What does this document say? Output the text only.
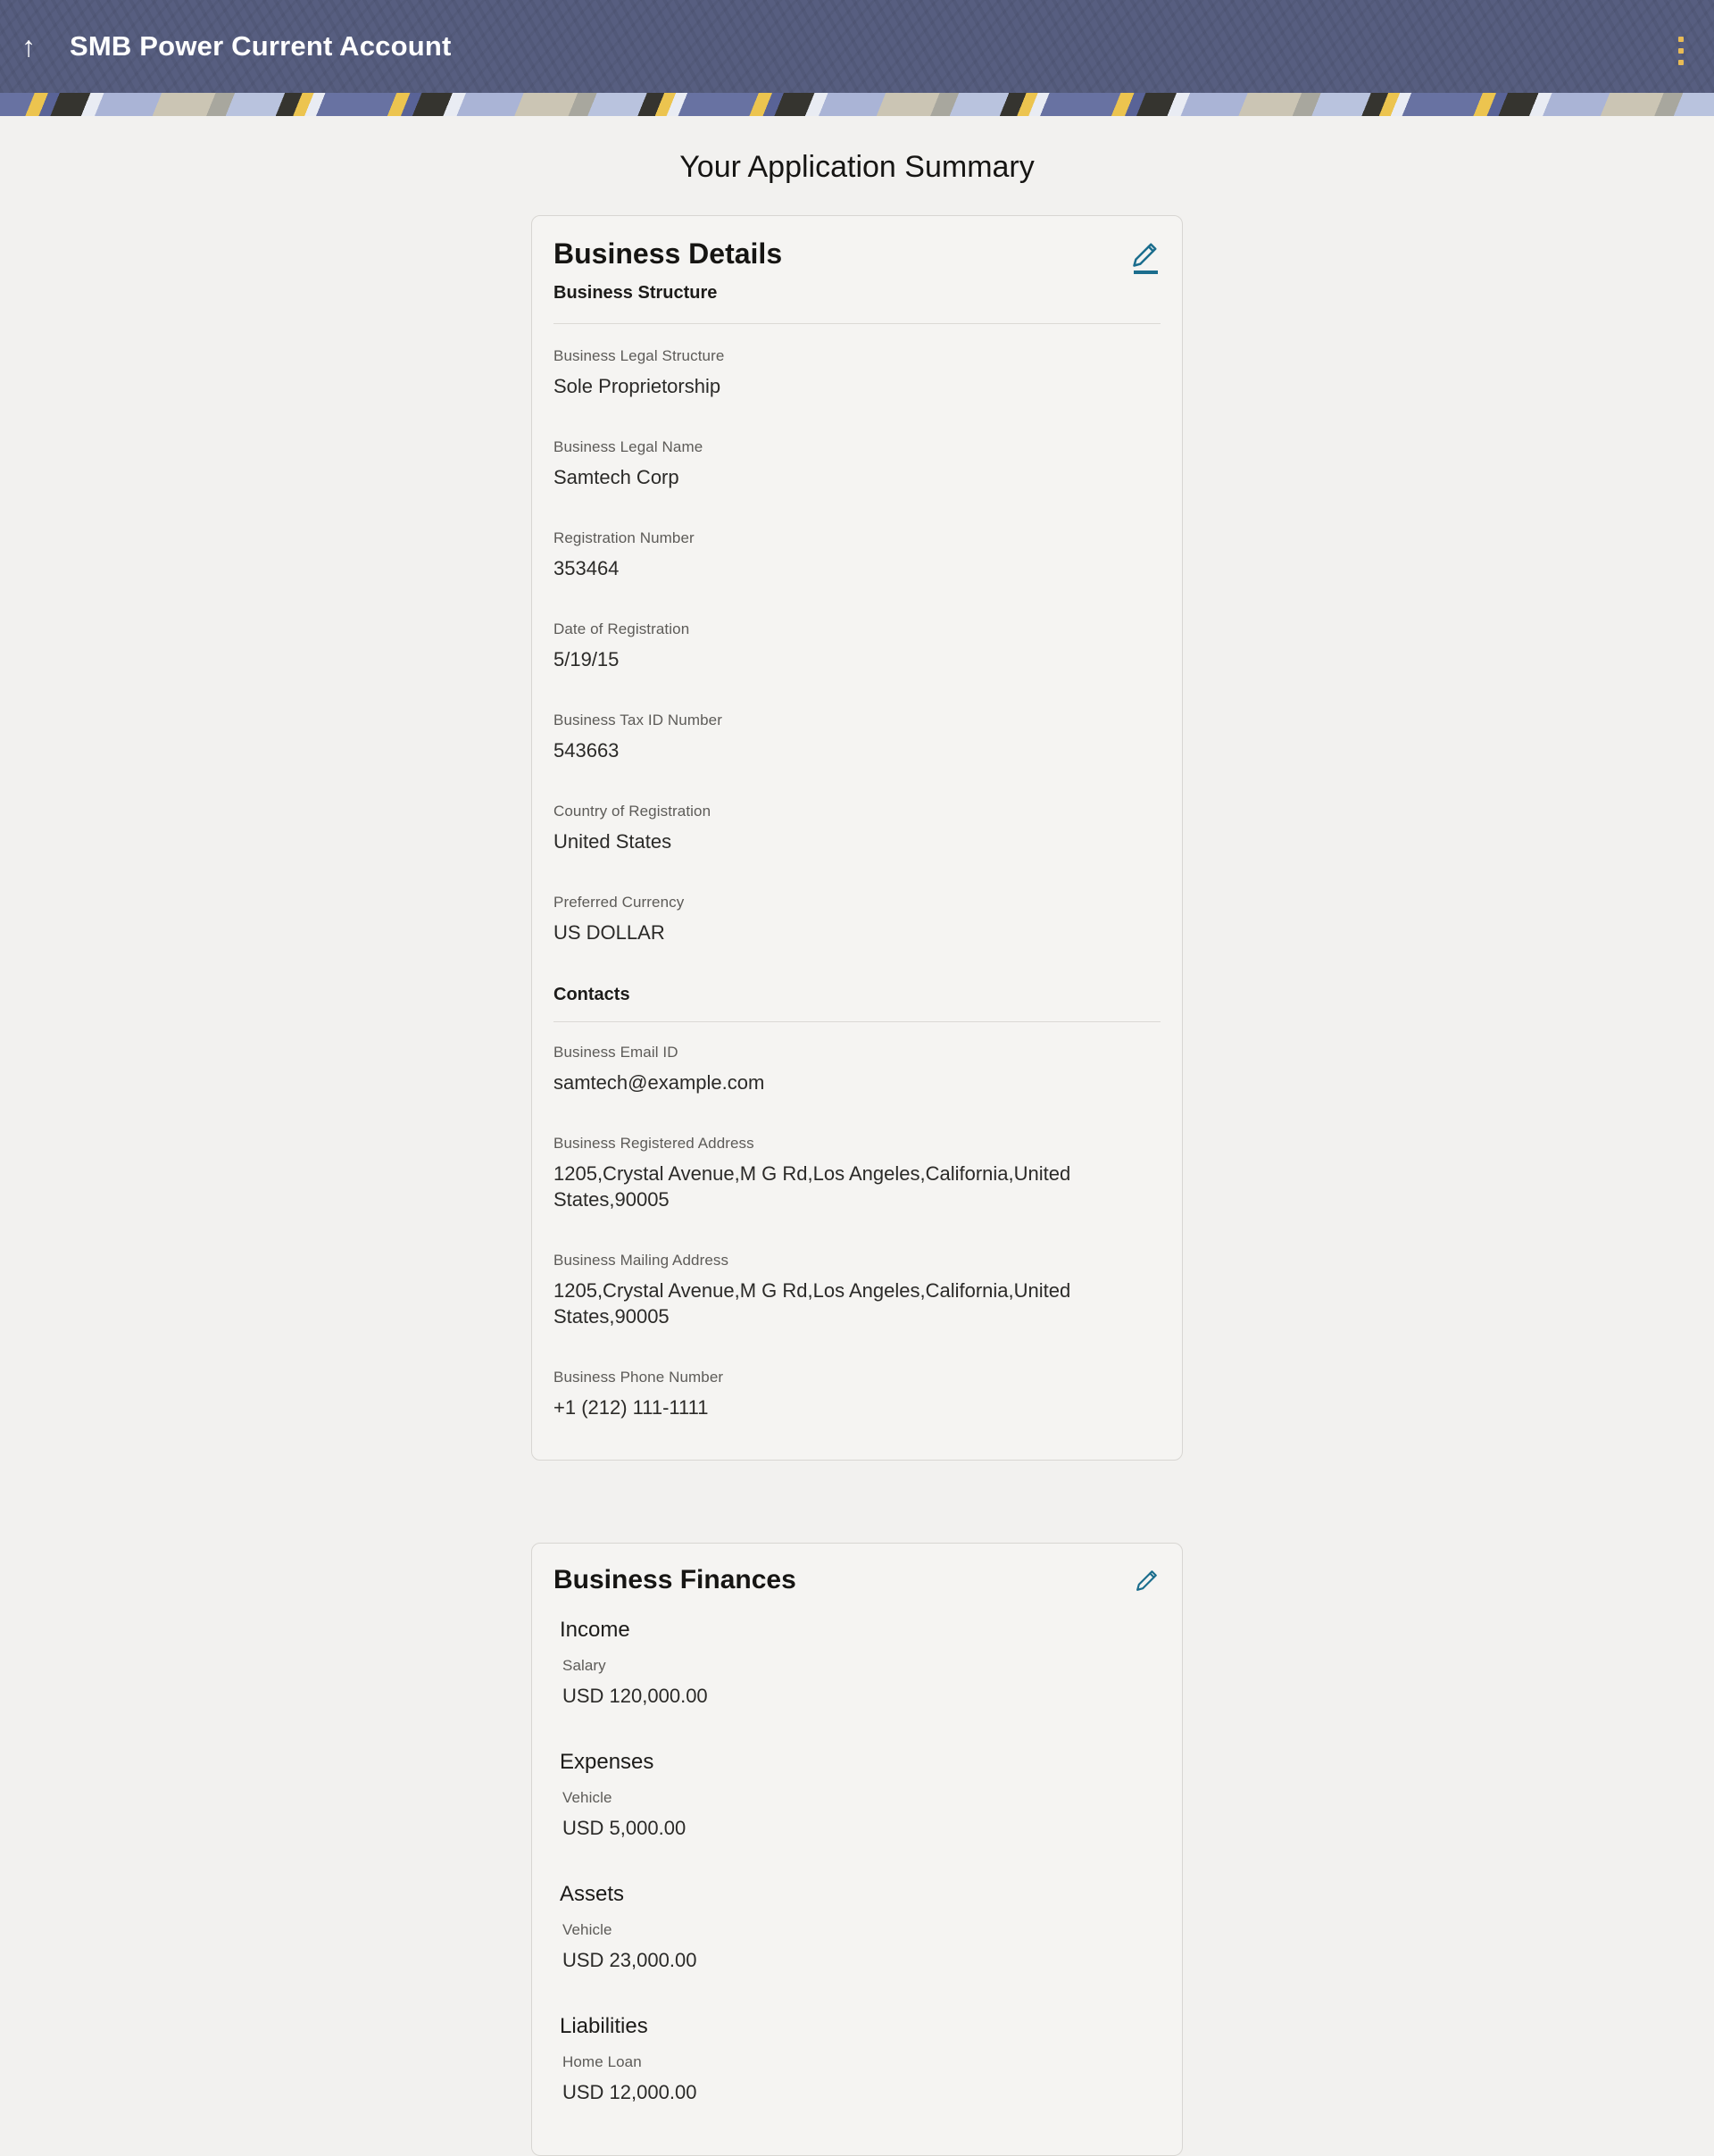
↑	SMB Power Current Account
Your Application Summary
Business Details
Business Structure
Business Legal Structure
Sole Proprietorship
Business Legal Name
Samtech Corp
Registration Number
353464
Date of Registration
5/19/15
Business Tax ID Number
543663
Country of Registration
United States
Preferred Currency
US DOLLAR
Contacts
Business Email ID
samtech@example.com
Business Registered Address
1205,Crystal Avenue,M G Rd,Los Angeles,California,United States,90005
Business Mailing Address
1205,Crystal Avenue,M G Rd,Los Angeles,California,United States,90005
Business Phone Number
+1 (212) 111-1111
Business Finances
Income
Salary
USD 120,000.00
Expenses
Vehicle
USD 5,000.00
Assets
Vehicle
USD 23,000.00
Liabilities
Home Loan
USD 12,000.00
